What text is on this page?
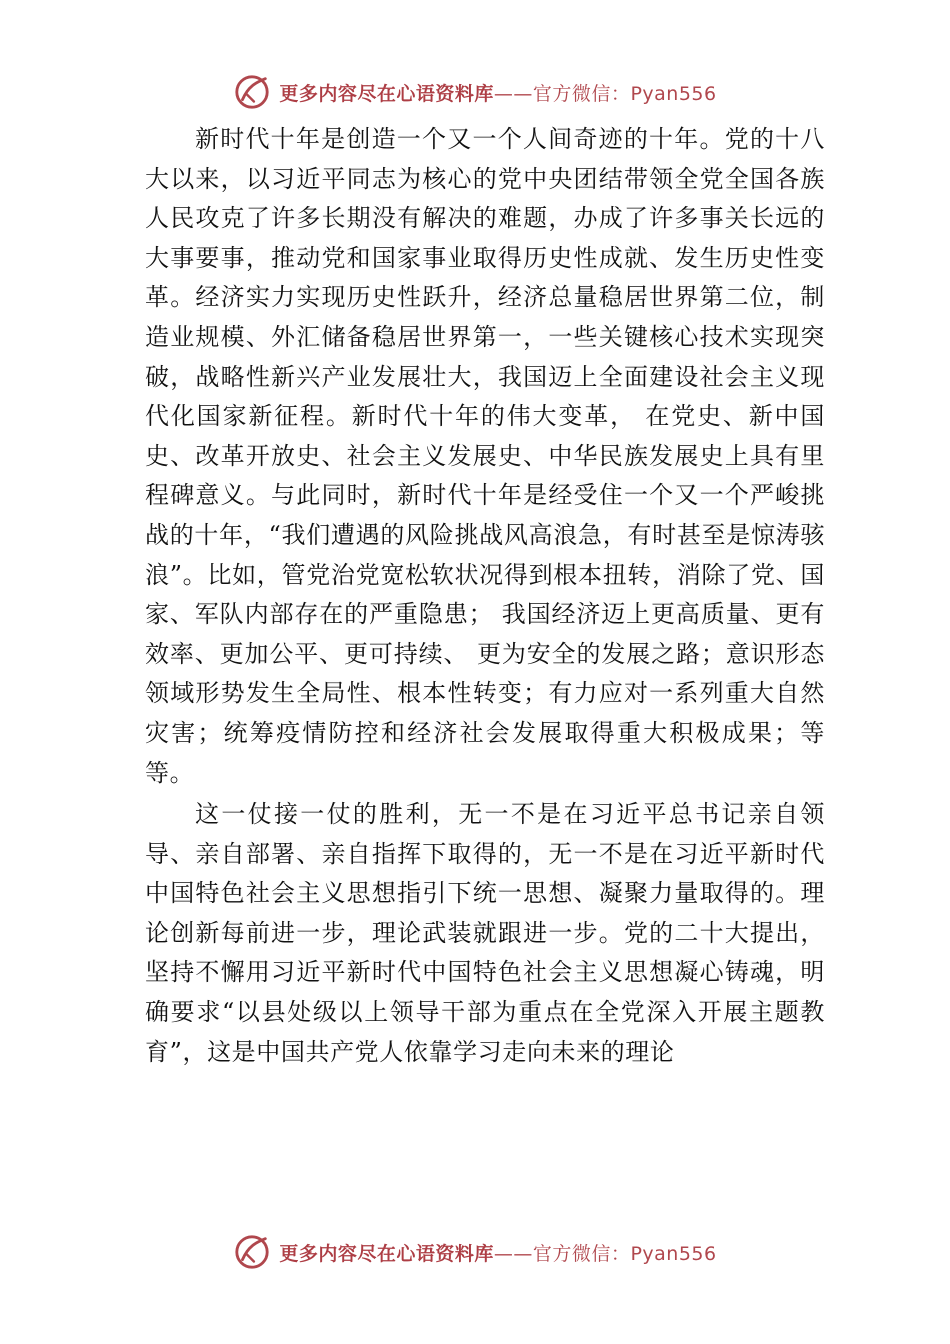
更多内容尽在心语资料库——官方微信：Pyan556

新时代十年是创造一个又一个人间奇迹的十年。党的十八大以来，以习近平同志为核心的党中央团结带领全党全国各族人民攻克了许多长期没有解决的难题，办成了许多事关长远的大事要事，推动党和国家事业取得历史性成就、发生历史性变革。经济实力实现历史性跃升，经济总量稳居世界第二位，制造业规模、外汇储备稳居世界第一，一些关键核心技术实现突破，战略性新兴产业发展壮大，我国迈上全面建设社会主义现代化国家新征程。新时代十年的伟大变革， 在党史、新中国史、改革开放史、社会主义发展史、中华民族发展史上具有里程碑意义。与此同时，新时代十年是经受住一个又一个严峻挑战的十年，“我们遭遇的风险挑战风高浪急，有时甚至是惊涛骇浪”。比如，管党治党宽松软状况得到根本扭转，消除了党、国家、军队内部存在的严重隐患； 我国经济迈上更高质量、更有效率、更加公平、更可持续、 更为安全的发展之路；意识形态领域形势发生全局性、根本性转变；有力应对一系列重大自然灾害；统筹疫情防控和经济社会发展取得重大积极成果；等等。

这一仗接一仗的胜利，无一不是在习近平总书记亲自领导、亲自部署、亲自指挥下取得的，无一不是在习近平新时代中国特色社会主义思想指引下统一思想、凝聚力量取得的。理论创新每前进一步，理论武装就跟进一步。党的二十大提出，坚持不懈用习近平新时代中国特色社会主义思想凝心铸魂，明确要求“以县处级以上领导干部为重点在全党深入开展主题教育”，这是中国共产党人依靠学习走向未来的理论

更多内容尽在心语资料库——官方微信：Pyan556
